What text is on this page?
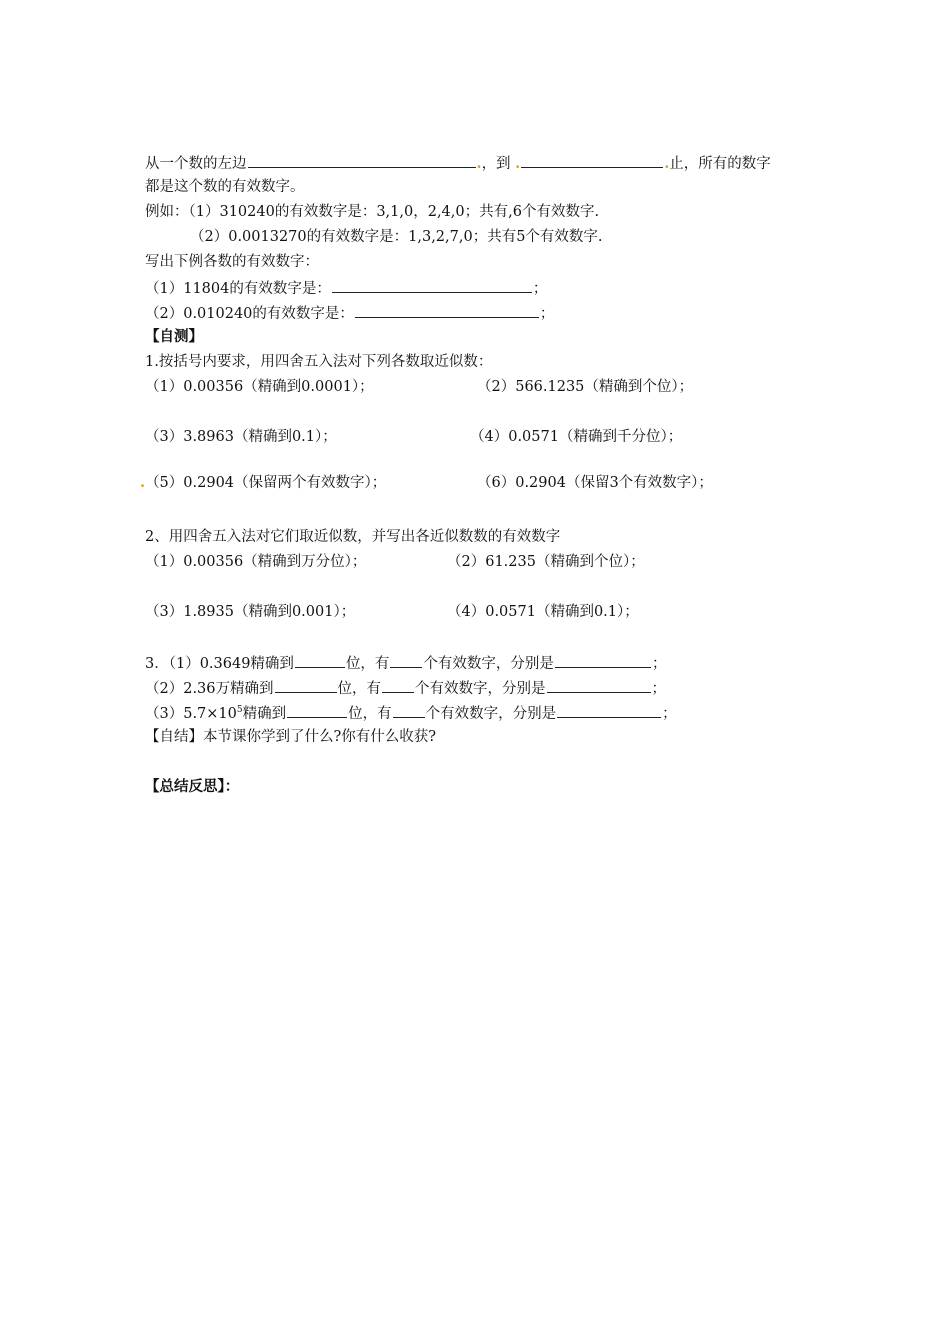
从一个数的左边	.，到 .	.止，所有的数字
都是这个数的有效数字。
例如：（1）310240的有效数字是：3,1,0，2,4,0；共有,6个有效数字.
（2）0.0013270的有效数字是：1,3,2,7,0；共有5个有效数字.
写出下例各数的有效数字：
（1）11804的有效数字是：	；
（2）0.010240的有效数字是：	；
【自测】
1.按括号内要求，用四舍五入法对下列各数取近似数：
（1）0.00356（精确到0.0001）；	（2）566.1235（精确到个位）；
（3）3.8963（精确到0.1）；	（4）0.0571（精确到千分位）；
.（5）0.2904（保留两个有效数字）；	（6）0.2904（保留3个有效数字）；
2、用四舍五入法对它们取近似数，并写出各近似数数的有效数字
（1）0.00356（精确到万分位）；	（2）61.235（精确到个位）；
（3）1.8935（精确到0.001）；	（4）0.0571（精确到0.1）；
3．（1）0.3649精确到	位，有 个有效数字，分别是	；
（2）2.36万精确到	位，有 个有效数字，分别是	；
$(3)5.7\times 10^5$精确到	位，有 个有效数字，分别是	；
【自结】本节课你学到了什么?你有什么收获?
【总结反思】：
